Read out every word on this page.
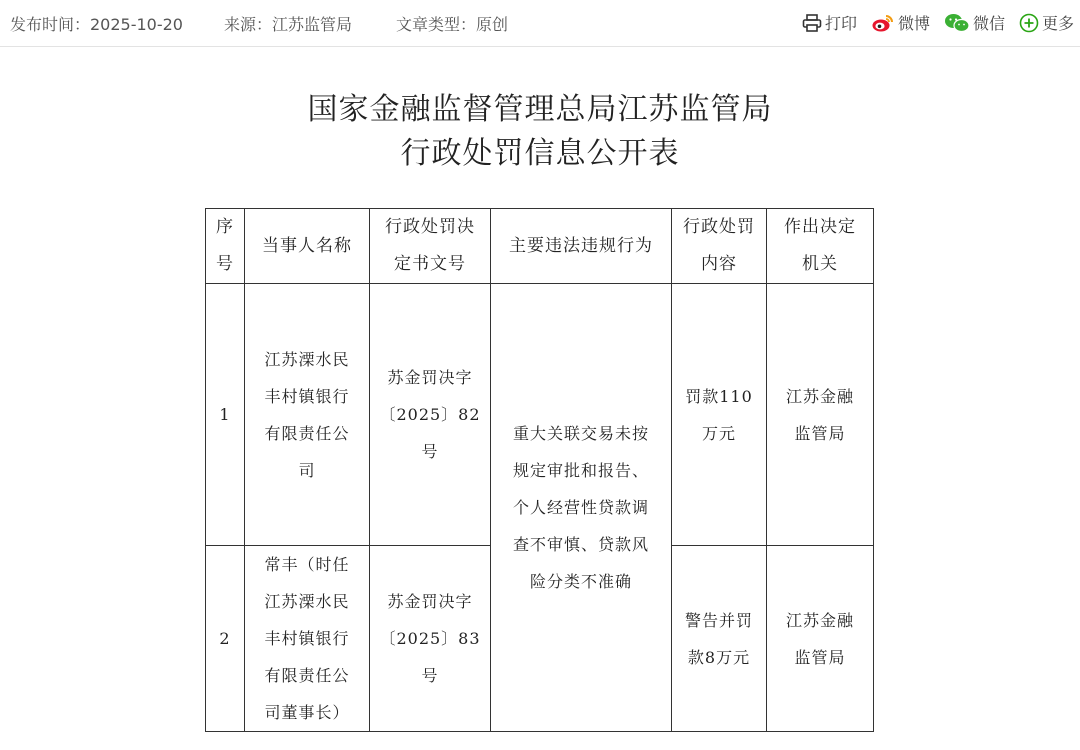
发布时间：2025-10-20	来源：江苏监管局	文章类型：原创	打印	微博	微信 更多
国家金融监督管理总局江苏监管局
行政处罚信息公开表
序
号	当事人名称	行政处罚决
定书文号	主要违法违规行为	行政处罚
内容	作出决定
机关
1	江苏溧水民
丰村镇银行
有限责任公
司	苏金罚决字
〔2025〕82
号	重大关联交易未按
规定审批和报告、
个人经营性贷款调
查不审慎、贷款风
险分类不准确	罚款110
万元	江苏金融
监管局
2	常丰（时任
江苏溧水民
丰村镇银行
有限责任公
司董事长）	苏金罚决字
〔2025〕83
号		警告并罚
款8万元	江苏金融
监管局
